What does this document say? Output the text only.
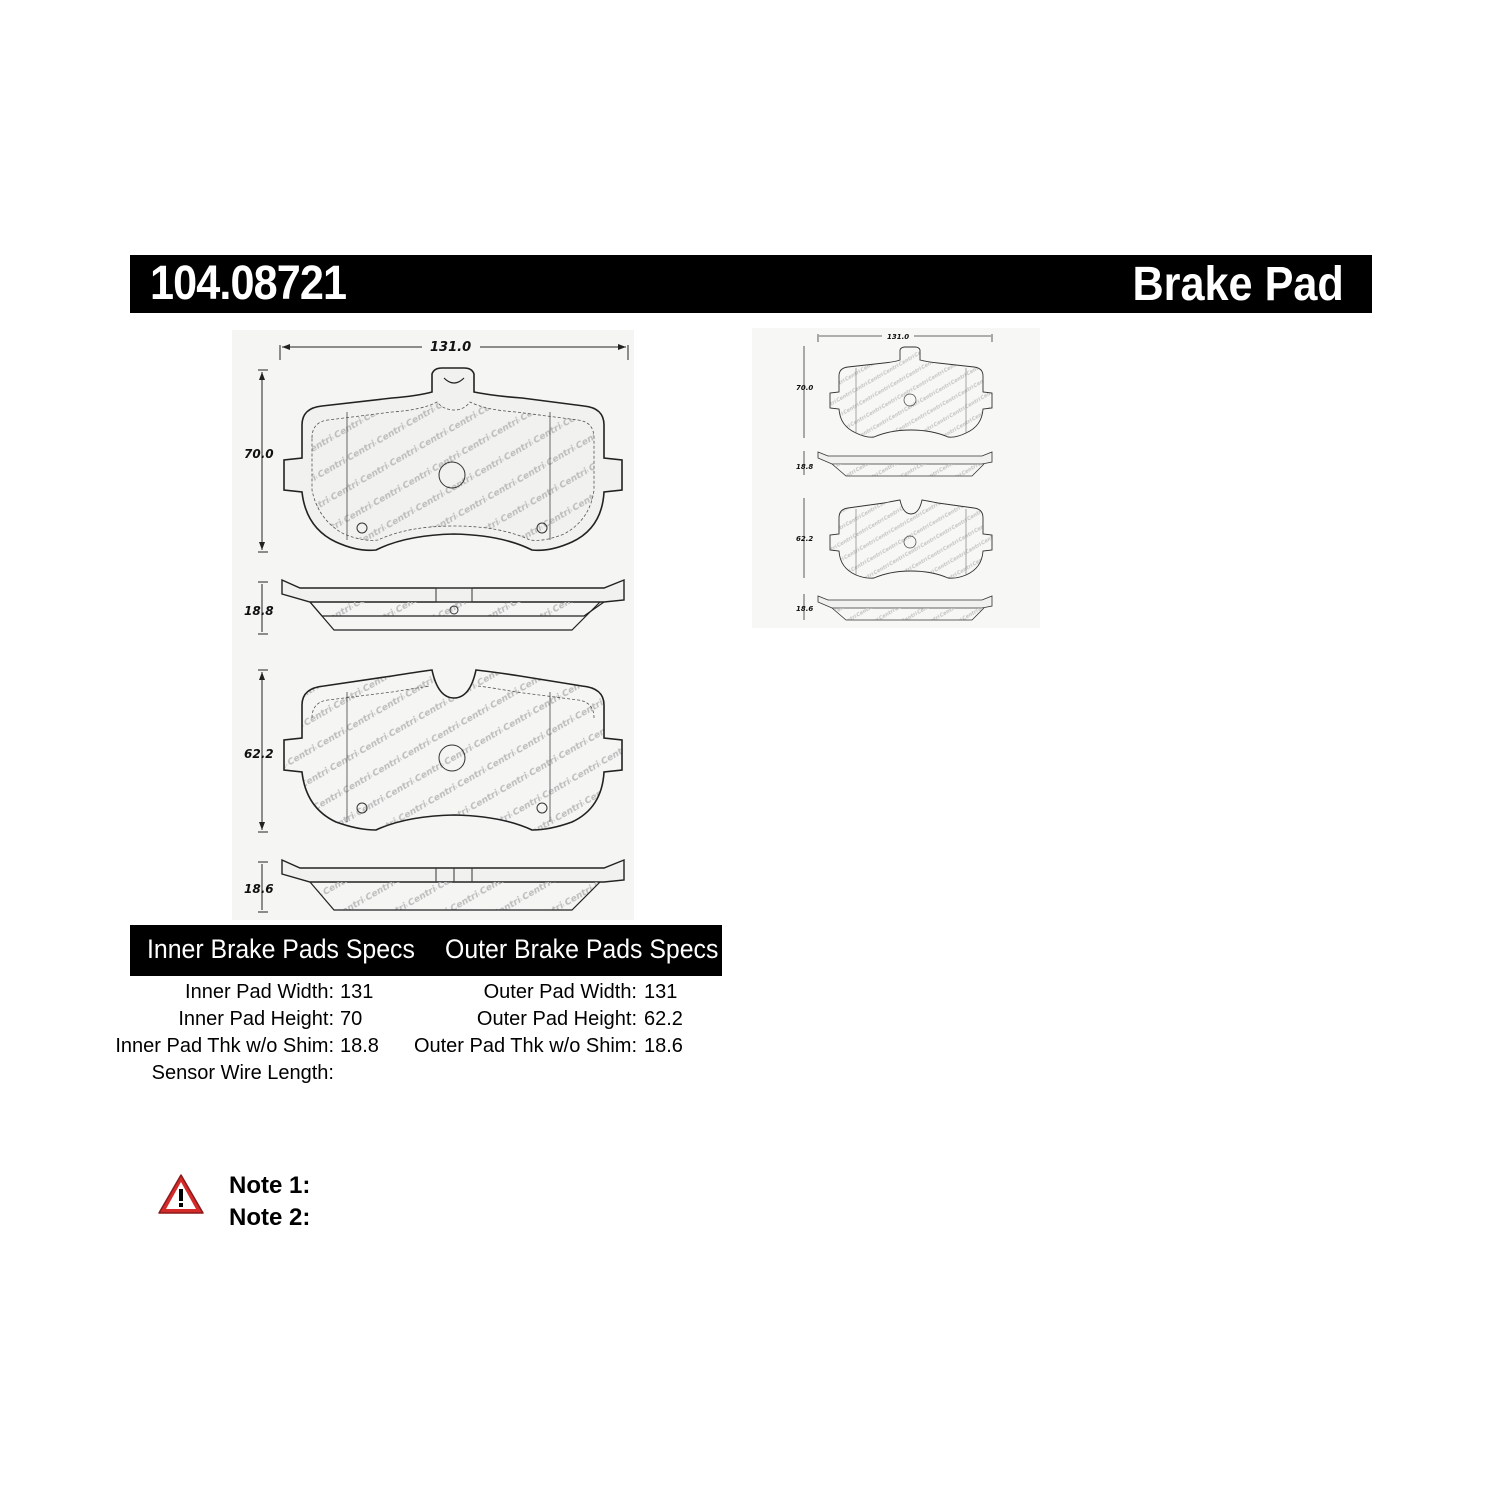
104.08721	Brake Pad
131.0
70.0
18.8
62.2
18.6
131.0
70.0
18.8
62.2
18.6
Inner Brake Pads Specs Outer Brake Pads Specs
Inner Pad Width: 131
Inner Pad Height: 70
Inner Pad Thk w/o Shim: 18.8
Sensor Wire Length:
Outer Pad Width: 131
Outer Pad Height: 62.2
Outer Pad Thk w/o Shim: 18.6
Note 1:
Note 2:
